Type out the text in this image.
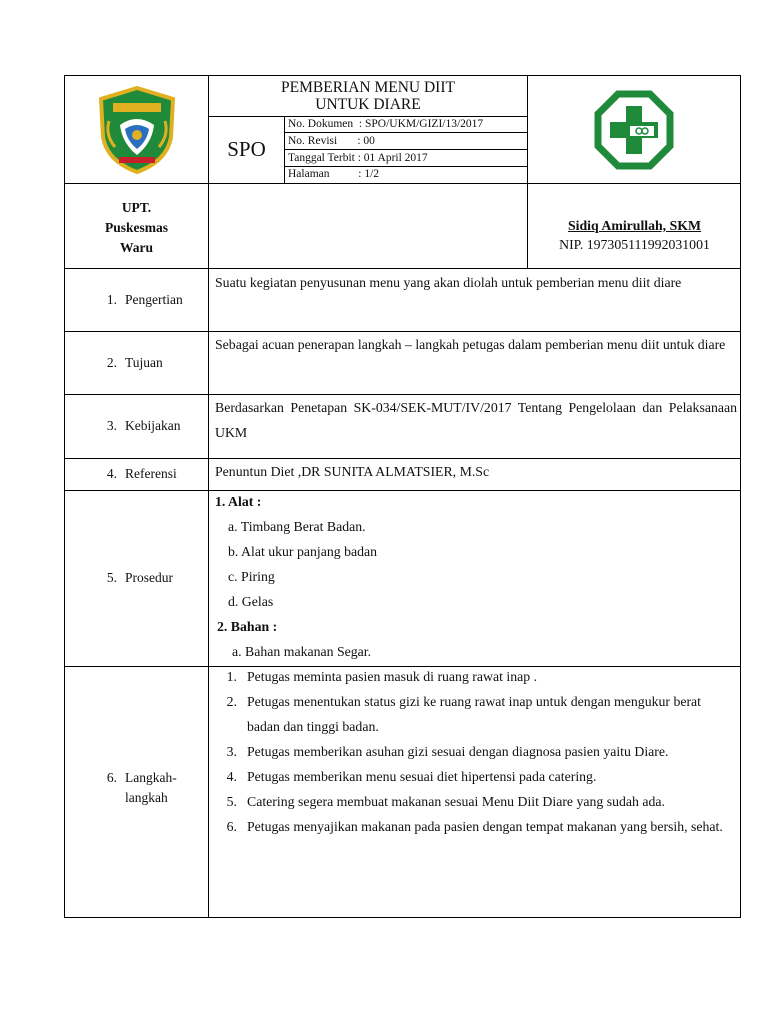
PEMBERIAN MENU DIIT
UNTUK DIARE
SPO
No. Dokumen  : SPO/UKM/GIZI/13/2017
No. Revisi       : 00
Tanggal Terbit : 01 April 2017
Halaman          : 1/2
UPT.
Puskesmas
Waru
Sidiq Amirullah, SKM
NIP. 197305111992031001
1. Pengertian
Suatu kegiatan penyusunan menu yang akan diolah untuk pemberian menu diit diare
2. Tujuan
Sebagai acuan penerapan langkah – langkah petugas dalam pemberian menu diit untuk diare
3. Kebijakan
Berdasarkan Penetapan SK-034/SEK-MUT/IV/2017 Tentang Pengelolaan dan Pelaksanaan UKM
4. Referensi	Penuntun Diet ,DR SUNITA ALMATSIER, M.Sc
5. Prosedur
1. Alat :
a. Timbang Berat Badan.
b. Alat ukur panjang badan
c. Piring
d. Gelas
2. Bahan :
a. Bahan makanan Segar.
6. Langkah-
langkah
1. Petugas meminta pasien masuk di ruang rawat inap .
2. Petugas menentukan status gizi ke ruang rawat inap untuk dengan mengukur berat badan dan tinggi badan.
3. Petugas memberikan asuhan gizi sesuai dengan diagnosa pasien yaitu Diare.
4. Petugas memberikan menu sesuai diet hipertensi pada catering.
5. Catering segera membuat makanan sesuai Menu Diit Diare yang sudah ada.
6. Petugas menyajikan makanan pada pasien dengan tempat makanan yang bersih, sehat.
